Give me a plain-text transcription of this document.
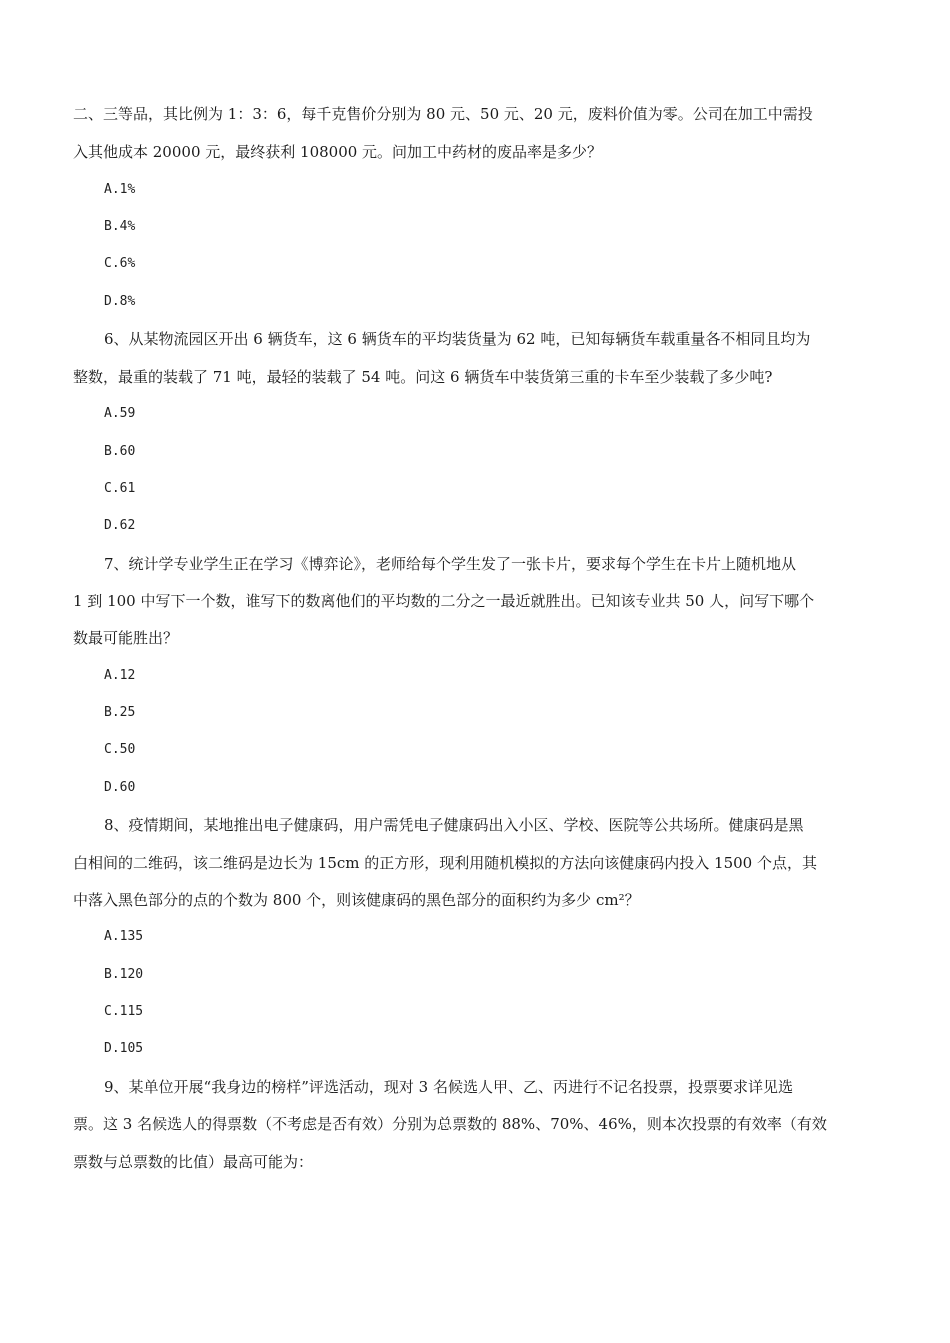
二、三等品，其比例为 1：3：6，每千克售价分别为 80 元、50 元、20 元，废料价值为零。公司在加工中需投
入其他成本 20000 元，最终获利 108000 元。问加工中药材的废品率是多少？
A.1%
B.4%
C.6%
D.8%
6、从某物流园区开出 6 辆货车，这 6 辆货车的平均装货量为 62 吨，已知每辆货车载重量各不相同且均为
整数，最重的装载了 71 吨，最轻的装载了 54 吨。问这 6 辆货车中装货第三重的卡车至少装载了多少吨?
A.59
B.60
C.61
D.62
7、统计学专业学生正在学习《博弈论》，老师给每个学生发了一张卡片，要求每个学生在卡片上随机地从
1 到 100 中写下一个数，谁写下的数离他们的平均数的二分之一最近就胜出。已知该专业共 50 人，问写下哪个
数最可能胜出？
A.12
B.25
C.50
D.60
8、疫情期间，某地推出电子健康码，用户需凭电子健康码出入小区、学校、医院等公共场所。健康码是黑
白相间的二维码，该二维码是边长为 15cm 的正方形，现利用随机模拟的方法向该健康码内投入 1500 个点，其
中落入黑色部分的点的个数为 800 个，则该健康码的黑色部分的面积约为多少 cm²？
A.135
B.120
C.115
D.105
9、某单位开展“我身边的榜样”评选活动，现对 3 名候选人甲、乙、丙进行不记名投票，投票要求详见选
票。这 3 名候选人的得票数（不考虑是否有效）分别为总票数的 88%、70%、46%，则本次投票的有效率（有效
票数与总票数的比值）最高可能为：
